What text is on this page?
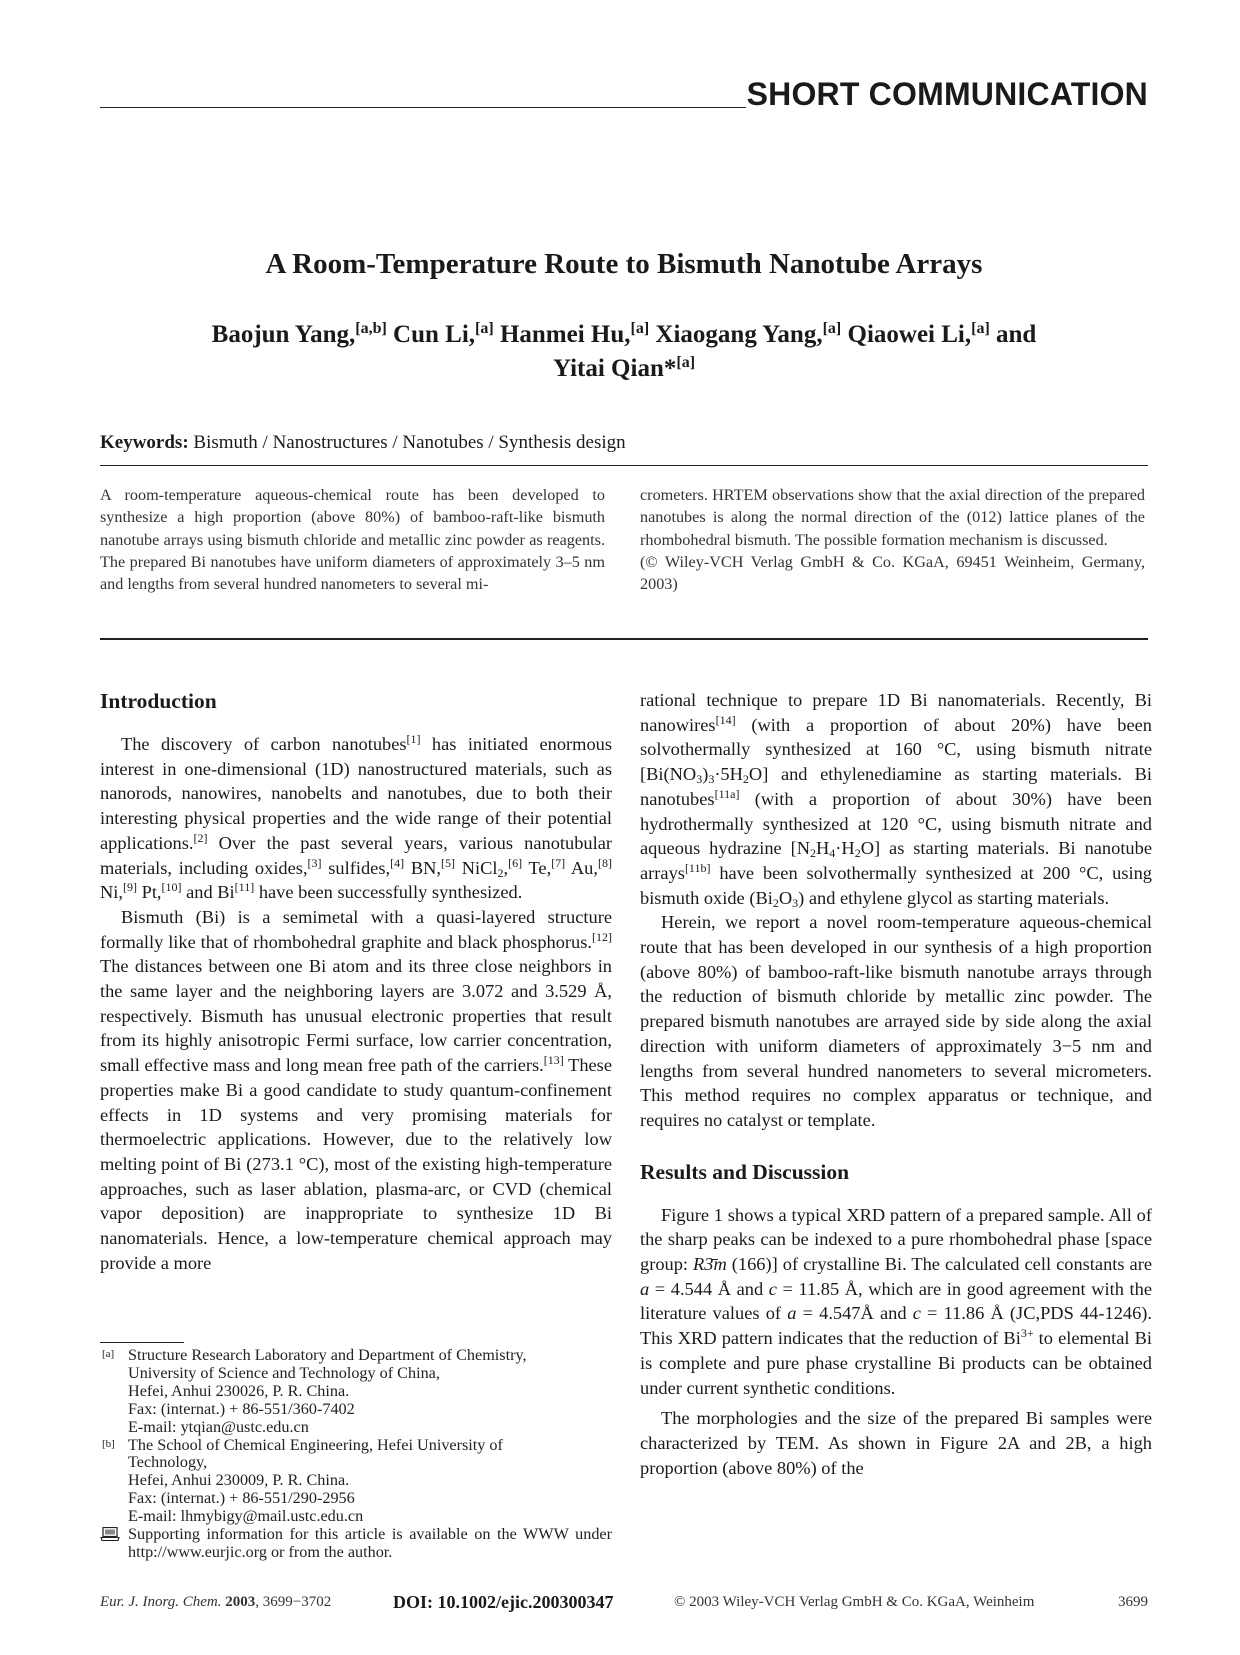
SHORT COMMUNICATION
A Room-Temperature Route to Bismuth Nanotube Arrays
Baojun Yang,[a,b] Cun Li,[a] Hanmei Hu,[a] Xiaogang Yang,[a] Qiaowei Li,[a] and
Yitai Qian*[a]
Keywords: Bismuth / Nanostructures / Nanotubes / Synthesis design

A room-temperature aqueous-chemical route has been developed to synthesize a high proportion (above 80%) of bamboo-raft-like bismuth nanotube arrays using bismuth chloride and metallic zinc powder as reagents. The prepared Bi nanotubes have uniform diameters of approximately 3–5 nm and lengths from several hundred nanometers to several mi-

crometers. HRTEM observations show that the axial direction of the prepared nanotubes is along the normal direction of the (012) lattice planes of the rhombohedral bismuth. The possible formation mechanism is discussed.

(© Wiley-VCH Verlag GmbH & Co. KGaA, 69451 Weinheim, Germany, 2003)

Introduction

The discovery of carbon nanotubes[1] has initiated enormous interest in one-dimensional (1D) nanostructured materials, such as nanorods, nanowires, nanobelts and nanotubes, due to both their interesting physical properties and the wide range of their potential applications.[2] Over the past several years, various nanotubular materials, including oxides,[3] sulfides,[4] BN,[5] NiCl$_2$,[6] Te,[7] Au,[8] Ni,[9] Pt,[10] and Bi[11] have been successfully synthesized.

Bismuth (Bi) is a semimetal with a quasi-layered structure formally like that of rhombohedral graphite and black phosphorus.[12] The distances between one Bi atom and its three close neighbors in the same layer and the neighboring layers are 3.072 and 3.529 Å, respectively. Bismuth has unusual electronic properties that result from its highly anisotropic Fermi surface, low carrier concentration, small effective mass and long mean free path of the carriers.[13] These properties make Bi a good candidate to study quantum-confinement effects in 1D systems and very promising materials for thermoelectric applications. However, due to the relatively low melting point of Bi (273.1 °C), most of the existing high-temperature approaches, such as laser ablation, plasma-arc, or CVD (chemical vapor deposition) are inappropriate to synthesize 1D Bi nanomaterials. Hence, a low-temperature chemical approach may provide a more

[a] Structure Research Laboratory and Department of Chemistry,
University of Science and Technology of China,
Hefei, Anhui 230026, P. R. China.
Fax: (internat.) + 86-551/360-7402
E-mail: ytqian@ustc.edu.cn
[b] The School of Chemical Engineering, Hefei University of
Technology,
Hefei, Anhui 230009, P. R. China.
Fax: (internat.) + 86-551/290-2956
E-mail: lhmybigy@mail.ustc.edu.cn
Supporting information for this article is available on the WWW under http://www.eurjic.org or from the author.

rational technique to prepare 1D Bi nanomaterials. Recently, Bi nanowires[14] (with a proportion of about 20%) have been solvothermally synthesized at 160 °C, using bismuth nitrate $[Bi(NO_3)_3\cdot 5H_2O]$ and ethylenediamine as starting materials. Bi nanotubes[11a] (with a proportion of about 30%) have been hydrothermally synthesized at 120 °C, using bismuth nitrate and aqueous hydrazine $[N_2H_4\cdot H_2O]$ as starting materials. Bi nanotube arrays[11b] have been solvothermally synthesized at 200 °C, using bismuth oxide $(Bi_2O_3)$ and ethylene glycol as starting materials.

Herein, we report a novel room-temperature aqueous-chemical route that has been developed in our synthesis of a high proportion (above 80%) of bamboo-raft-like bismuth nanotube arrays through the reduction of bismuth chloride by metallic zinc powder. The prepared bismuth nanotubes are arrayed side by side along the axial direction with uniform diameters of approximately 3−5 nm and lengths from several hundred nanometers to several micrometers. This method requires no complex apparatus or technique, and requires no catalyst or template.

Results and Discussion

Figure 1 shows a typical XRD pattern of a prepared sample. All of the sharp peaks can be indexed to a pure rhombohedral phase [space group: R3̄m (166)] of crystalline Bi. The calculated cell constants are a = 4.544 Å and c = 11.85 Å, which are in good agreement with the literature values of a = 4.547Å and c = 11.86 Å (JC,PDS 44-1246). This XRD pattern indicates that the reduction of $Bi^{3+}$ to elemental Bi is complete and pure phase crystalline Bi products can be obtained under current synthetic conditions.

The morphologies and the size of the prepared Bi samples were characterized by TEM. As shown in Figure 2A and 2B, a high proportion (above 80%) of the

Eur. J. Inorg. Chem. 2003, 3699−3702	DOI: 10.1002/ejic.200300347	© 2003 Wiley-VCH Verlag GmbH & Co. KGaA, Weinheim	3699
